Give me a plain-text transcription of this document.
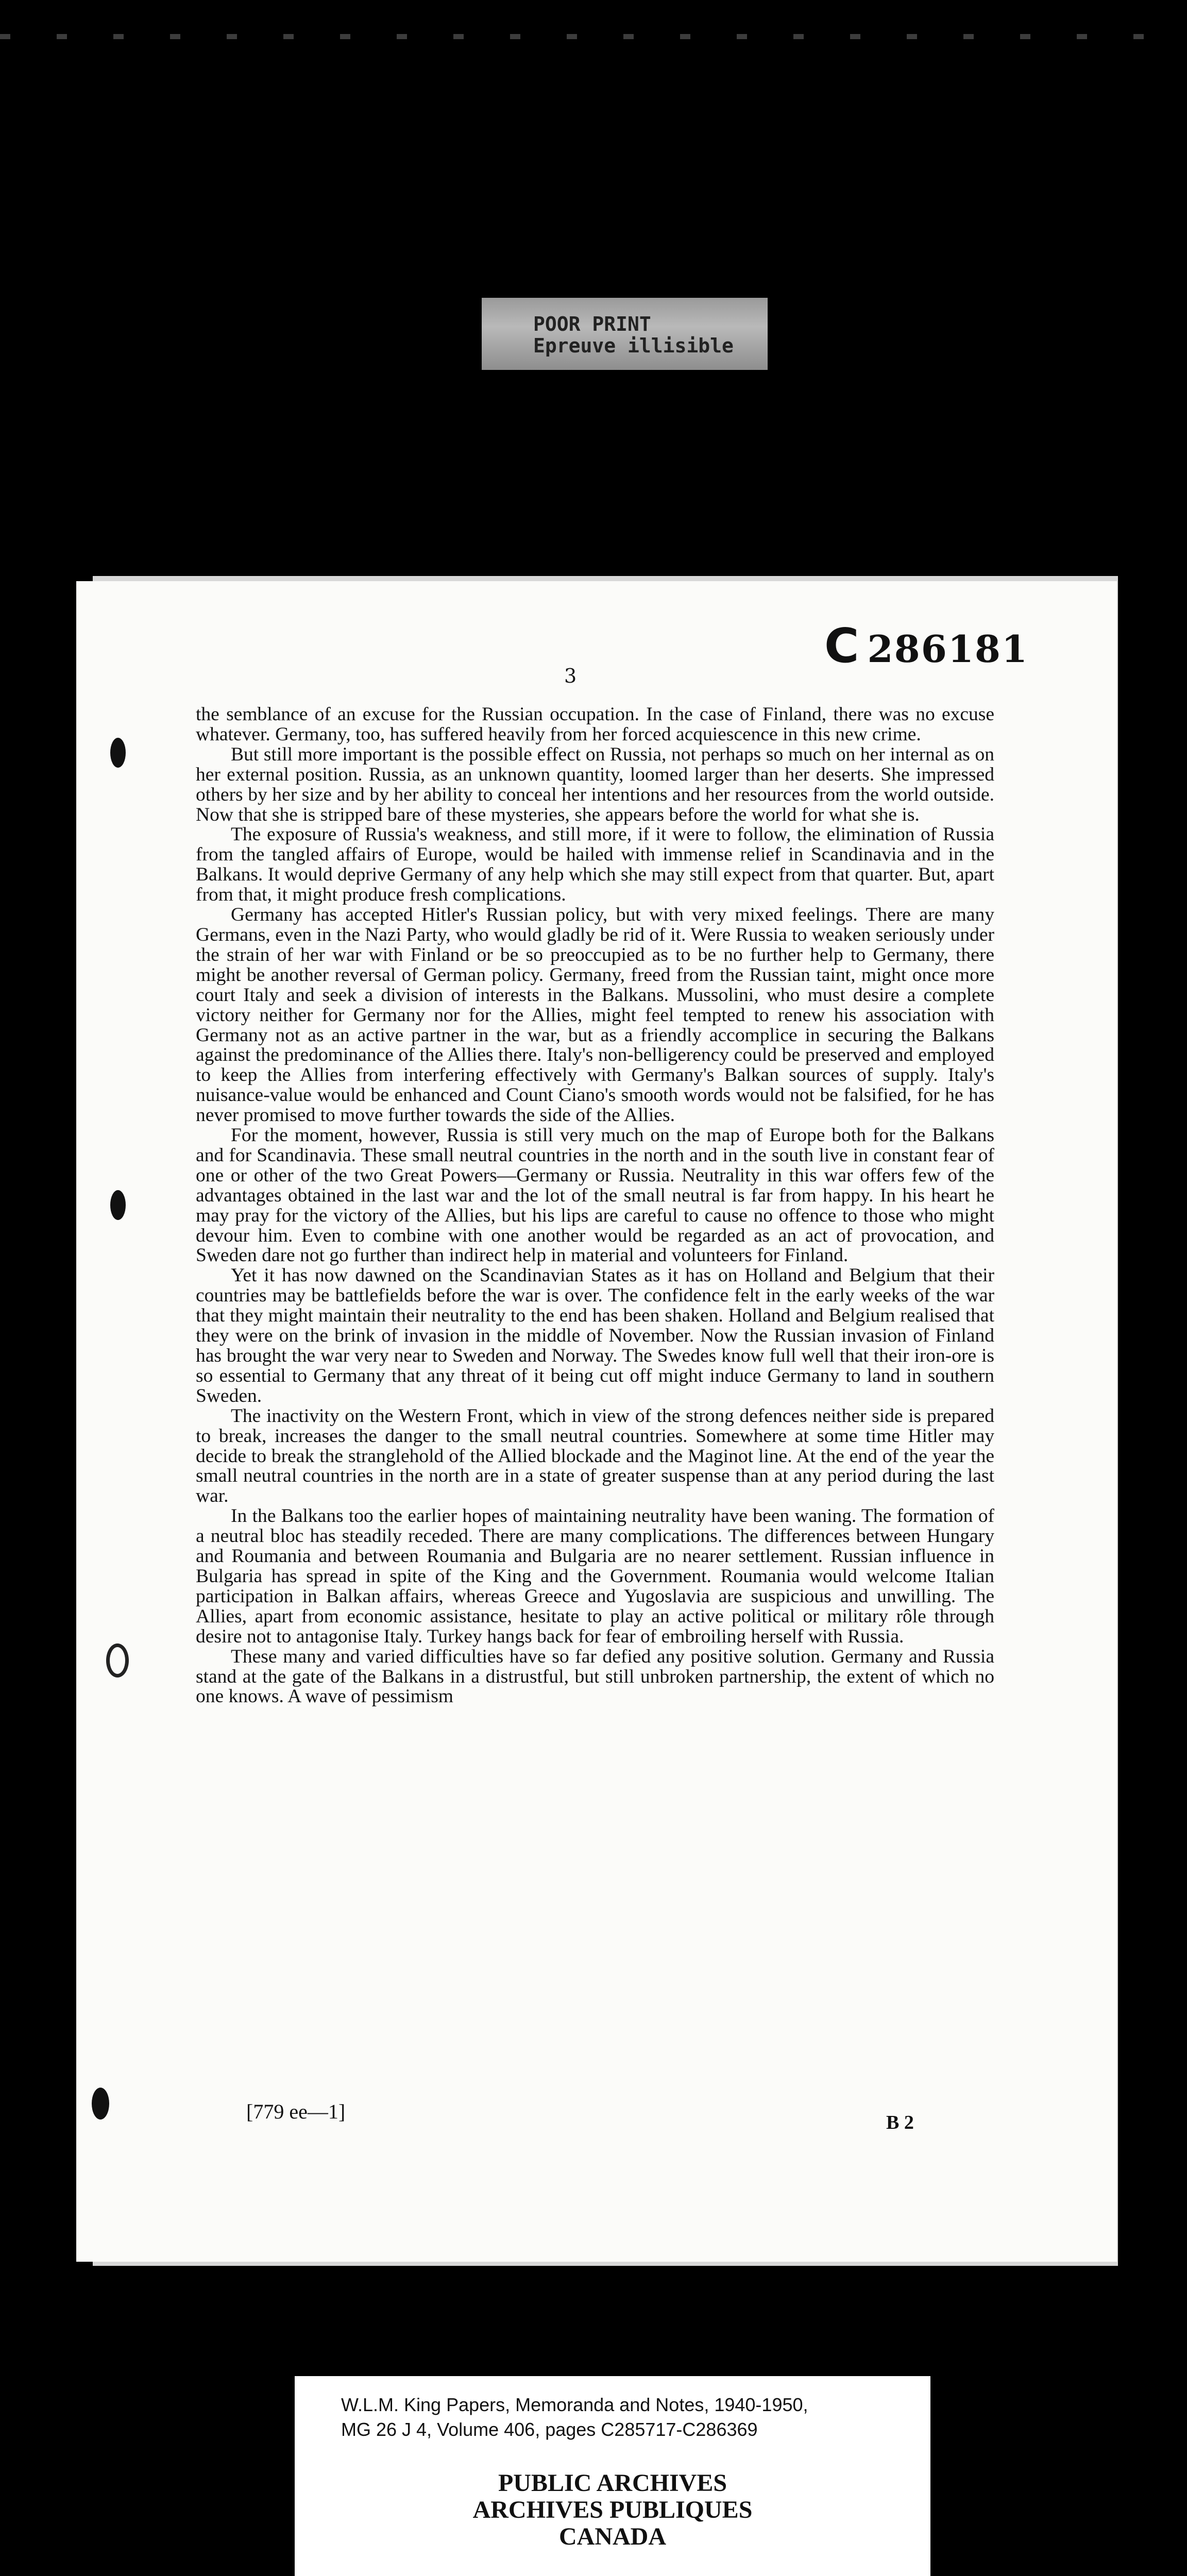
POOR PRINT
Epreuve illisible
C 286181
3

the semblance of an excuse for the Russian occupation. In the case of Finland, there was no excuse whatever. Germany, too, has suffered heavily from her forced acquiescence in this new crime.

But still more important is the possible effect on Russia, not perhaps so much on her internal as on her external position. Russia, as an unknown quantity, loomed larger than her deserts. She impressed others by her size and by her ability to conceal her intentions and her resources from the world outside. Now that she is stripped bare of these mysteries, she appears before the world for what she is.

The exposure of Russia's weakness, and still more, if it were to follow, the elimination of Russia from the tangled affairs of Europe, would be hailed with immense relief in Scandinavia and in the Balkans. It would deprive Germany of any help which she may still expect from that quarter. But, apart from that, it might produce fresh complications.

Germany has accepted Hitler's Russian policy, but with very mixed feelings. There are many Germans, even in the Nazi Party, who would gladly be rid of it. Were Russia to weaken seriously under the strain of her war with Finland or be so preoccupied as to be no further help to Germany, there might be another reversal of German policy. Germany, freed from the Russian taint, might once more court Italy and seek a division of interests in the Balkans. Mussolini, who must desire a complete victory neither for Germany nor for the Allies, might feel tempted to renew his association with Germany not as an active partner in the war, but as a friendly accomplice in securing the Balkans against the predominance of the Allies there. Italy's non-belligerency could be preserved and employed to keep the Allies from interfering effectively with Germany's Balkan sources of supply. Italy's nuisance-value would be enhanced and Count Ciano's smooth words would not be falsified, for he has never promised to move further towards the side of the Allies.

For the moment, however, Russia is still very much on the map of Europe both for the Balkans and for Scandinavia. These small neutral countries in the north and in the south live in constant fear of one or other of the two Great Powers—Germany or Russia. Neutrality in this war offers few of the advantages obtained in the last war and the lot of the small neutral is far from happy. In his heart he may pray for the victory of the Allies, but his lips are careful to cause no offence to those who might devour him. Even to combine with one another would be regarded as an act of provocation, and Sweden dare not go further than indirect help in material and volunteers for Finland.

Yet it has now dawned on the Scandinavian States as it has on Holland and Belgium that their countries may be battlefields before the war is over. The confidence felt in the early weeks of the war that they might maintain their neutrality to the end has been shaken. Holland and Belgium realised that they were on the brink of invasion in the middle of November. Now the Russian invasion of Finland has brought the war very near to Sweden and Norway. The Swedes know full well that their iron-ore is so essential to Germany that any threat of it being cut off might induce Germany to land in southern Sweden.

The inactivity on the Western Front, which in view of the strong defences neither side is prepared to break, increases the danger to the small neutral countries. Somewhere at some time Hitler may decide to break the stranglehold of the Allied blockade and the Maginot line. At the end of the year the small neutral countries in the north are in a state of greater suspense than at any period during the last war.

In the Balkans too the earlier hopes of maintaining neutrality have been waning. The formation of a neutral bloc has steadily receded. There are many complications. The differences between Hungary and Roumania and between Roumania and Bulgaria are no nearer settlement. Russian influence in Bulgaria has spread in spite of the King and the Government. Roumania would welcome Italian participation in Balkan affairs, whereas Greece and Yugoslavia are suspicious and unwilling. The Allies, apart from economic assistance, hesitate to play an active political or military rôle through desire not to antagonise Italy. Turkey hangs back for fear of embroiling herself with Russia.

These many and varied difficulties have so far defied any positive solution. Germany and Russia stand at the gate of the Balkans in a distrustful, but still unbroken partnership, the extent of which no one knows. A wave of pessimism

[779 ee—1]	B 2
W.L.M. King Papers, Memoranda and Notes, 1940-1950,
MG 26 J 4, Volume 406, pages C285717-C286369
PUBLIC ARCHIVES
ARCHIVES PUBLIQUES
CANADA
